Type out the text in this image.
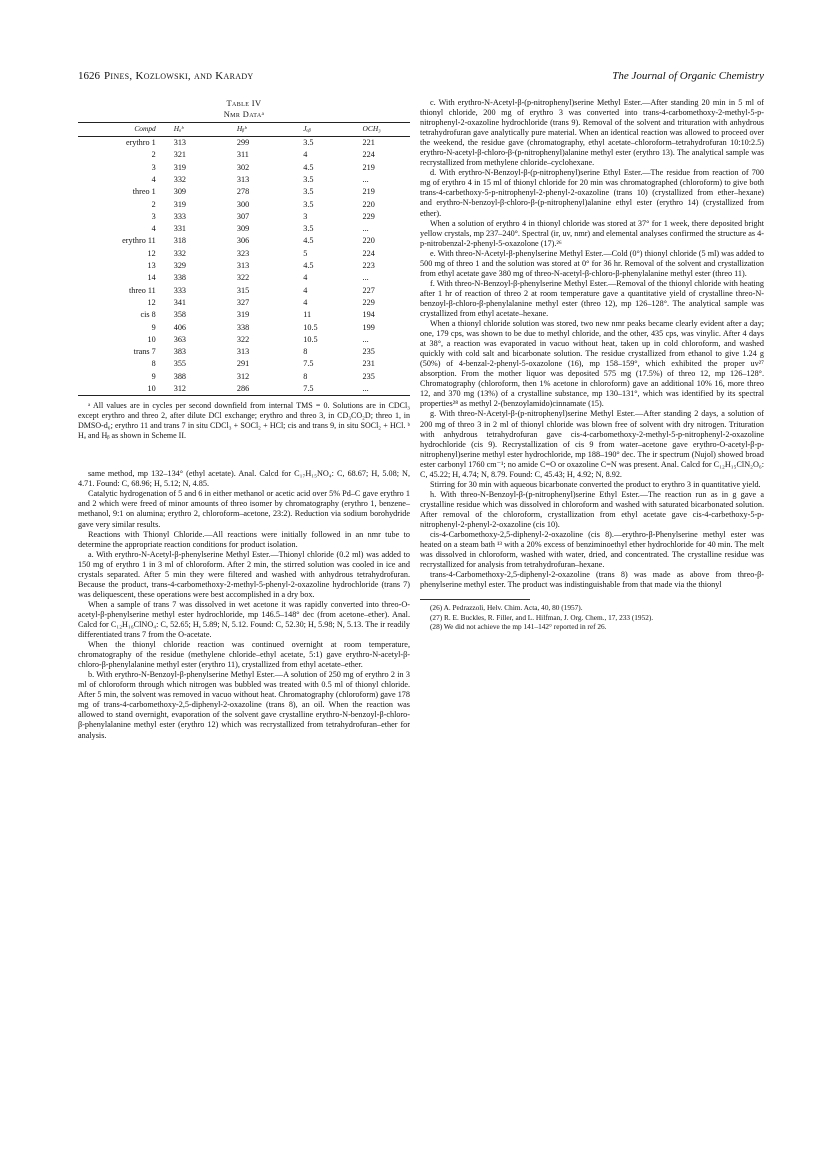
1626 Pines, Kozlowski, and Karady	The Journal of Organic Chemistry
Table IV
Nmr Dataᵃ
Compd	Hₐᵇ	Hᵦᵇ	Jₐᵦ	OCH₃
erythro 1	313	299	3.5	221
2	321	311	4	224
3	319	302	4.5	219
4	332	313	3.5	...
threo 1	309	278	3.5	219
2	319	300	3.5	220
3	333	307	3	229
4	331	309	3.5	...
erythro 11	318	306	4.5	220
12	332	323	5	224
13	329	313	4.5	223
14	338	322	4	...
threo 11	333	315	4	227
12	341	327	4	229
cis 8	358	319	11	194
9	406	338	10.5	199
10	363	322	10.5	...
trans 7	383	313	8	235
8	355	291	7.5	231
9	388	312	8	235
10	312	286	7.5	...
ᵃ All values are in cycles per second downfield from internal TMS = 0. Solutions are in CDCl₃ except erythro and threo 2, after dilute DCl exchange; erythro and threo 3, in CD₃CO₂D; threo 1, in DMSO-d₆; erythro 11 and trans 7 in situ CDCl₃ + SOCl₂ + HCl; cis and trans 9, in situ SOCl₂ + HCl. ᵇ Hₐ and Hᵦ as shown in Scheme II.

same method, mp 132–134° (ethyl acetate). Anal. Calcd for C₁₇H₁₅NO₄: C, 68.67; H, 5.08; N, 4.71. Found: C, 68.96; H, 5.12; N, 4.85.

Catalytic hydrogenation of 5 and 6 in either methanol or acetic acid over 5% Pd–C gave erythro 1 and 2 which were freed of minor amounts of threo isomer by chromatography (erythro 1, benzene–methanol, 9:1 on alumina; erythro 2, chloroform–acetone, 23:2). Reduction via sodium borohydride gave very similar results.

Reactions with Thionyl Chloride.—All reactions were initially followed in an nmr tube to determine the appropriate reaction conditions for product isolation.

a. With erythro-N-Acetyl-β-phenylserine Methyl Ester.—Thionyl chloride (0.2 ml) was added to 150 mg of erythro 1 in 3 ml of chloroform. After 2 min, the stirred solution was cooled in ice and crystals separated. After 5 min they were filtered and washed with anhydrous tetrahydrofuran. Because the product, trans-4-carbomethoxy-2-methyl-5-phenyl-2-oxazoline hydrochloride (trans 7) was deliquescent, these operations were best accomplished in a dry box.

When a sample of trans 7 was dissolved in wet acetone it was rapidly converted into threo-O-acetyl-β-phenylserine methyl ester hydrochloride, mp 146.5–148° dec (from acetone–ether). Anal. Calcd for C₁₂H₁₆ClNO₄: C, 52.65; H, 5.89; N, 5.12. Found: C, 52.30; H, 5.98; N, 5.13. The ir readily differentiated trans 7 from the O-acetate.

When the thionyl chloride reaction was continued overnight at room temperature, chromatography of the residue (methylene chloride–ethyl acetate, 5:1) gave erythro-N-acetyl-β-chloro-β-phenylalanine methyl ester (erythro 11), crystallized from ethyl acetate–ether.

b. With erythro-N-Benzoyl-β-phenylserine Methyl Ester.—A solution of 250 mg of erythro 2 in 3 ml of chloroform through which nitrogen was bubbled was treated with 0.5 ml of thionyl chloride. After 5 min, the solvent was removed in vacuo without heat. Chromatography (chloroform) gave 178 mg of trans-4-carbomethoxy-2,5-diphenyl-2-oxazoline (trans 8), an oil. When the reaction was allowed to stand overnight, evaporation of the solvent gave crystalline erythro-N-benzoyl-β-chloro-β-phenylalanine methyl ester (erythro 12) which was recrystallized from tetrahydrofuran–ether for analysis.

c. With erythro-N-Acetyl-β-(p-nitrophenyl)serine Methyl Ester.—After standing 20 min in 5 ml of thionyl chloride, 200 mg of erythro 3 was converted into trans-4-carbomethoxy-2-methyl-5-p-nitrophenyl-2-oxazoline hydrochloride (trans 9). Removal of the solvent and trituration with anhydrous tetrahydrofuran gave analytically pure material. When an identical reaction was allowed to proceed over the weekend, the residue gave (chromatography, ethyl acetate–chloroform–tetrahydrofuran 10:10:2.5) erythro-N-acetyl-β-chloro-β-(p-nitrophenyl)alanine methyl ester (erythro 13). The analytical sample was recrystallized from methylene chloride–cyclohexane.

d. With erythro-N-Benzoyl-β-(p-nitrophenyl)serine Ethyl Ester.—The residue from reaction of 700 mg of erythro 4 in 15 ml of thionyl chloride for 20 min was chromatographed (chloroform) to give both trans-4-carbethoxy-5-p-nitrophenyl-2-phenyl-2-oxazoline (trans 10) (crystallized from ether–hexane) and erythro-N-benzoyl-β-chloro-β-(p-nitrophenyl)alanine ethyl ester (erythro 14) (crystallized from ether).

When a solution of erythro 4 in thionyl chloride was stored at 37° for 1 week, there deposited bright yellow crystals, mp 237–240°. Spectral (ir, uv, nmr) and elemental analyses confirmed the structure as 4-p-nitrobenzal-2-phenyl-5-oxazolone (17).²⁶

e. With threo-N-Acetyl-β-phenylserine Methyl Ester.—Cold (0°) thionyl chloride (5 ml) was added to 500 mg of threo 1 and the solution was stored at 0° for 36 hr. Removal of the solvent and crystallization from ethyl acetate gave 380 mg of threo-N-acetyl-β-chloro-β-phenylalanine methyl ester (threo 11).

f. With threo-N-Benzoyl-β-phenylserine Methyl Ester.—Removal of the thionyl chloride with heating after 1 hr of reaction of threo 2 at room temperature gave a quantitative yield of crystalline threo-N-benzoyl-β-chloro-β-phenylalanine methyl ester (threo 12), mp 126–128°. The analytical sample was crystallized from ethyl acetate–hexane.

When a thionyl chloride solution was stored, two new nmr peaks became clearly evident after a day; one, 179 cps, was shown to be due to methyl chloride, and the other, 435 cps, was vinylic. After 4 days at 38°, a reaction was evaporated in vacuo without heat, taken up in cold chloroform, and washed quickly with cold salt and bicarbonate solution. The residue crystallized from ethanol to give 1.24 g (50%) of 4-benzal-2-phenyl-5-oxazolone (16), mp 158–159°, which exhibited the proper uv²⁷ absorption. From the mother liquor was deposited 575 mg (17.5%) of threo 12, mp 126–128°. Chromatography (chloroform, then 1% acetone in chloroform) gave an additional 10% 16, more threo 12, and 370 mg (13%) of a crystalline substance, mp 130–131°, which was identified by its spectral properties²⁸ as methyl 2-(benzoylamido)cinnamate (15).

g. With threo-N-Acetyl-β-(p-nitrophenyl)serine Methyl Ester.—After standing 2 days, a solution of 200 mg of threo 3 in 2 ml of thionyl chloride was blown free of solvent with dry nitrogen. Trituration with anhydrous tetrahydrofuran gave cis-4-carbomethoxy-2-methyl-5-p-nitrophenyl-2-oxazoline hydrochloride (cis 9). Recrystallization of cis 9 from water–acetone gave erythro-O-acetyl-β-p-nitrophenyl)serine methyl ester hydrochloride, mp 188–190° dec. The ir spectrum (Nujol) showed broad ester carbonyl 1760 cm⁻¹; no amide C=O or oxazoline C=N was present. Anal. Calcd for C₁₂H₁₅ClN₂O₆: C, 45.22; H, 4.74; N, 8.79. Found: C, 45.43; H, 4.92; N, 8.92.

Stirring for 30 min with aqueous bicarbonate converted the product to erythro 3 in quantitative yield.

h. With threo-N-Benzoyl-β-(p-nitrophenyl)serine Ethyl Ester.—The reaction run as in g gave a crystalline residue which was dissolved in chloroform and washed with saturated bicarbonated solution. After removal of the chloroform, crystallization from ethyl acetate gave cis-4-carbethoxy-5-p-nitrophenyl-2-phenyl-2-oxazoline (cis 10).

cis-4-Carbomethoxy-2,5-diphenyl-2-oxazoline (cis 8).—erythro-β-Phenylserine methyl ester was heated on a steam bath ¹³ with a 20% excess of benziminoethyl ether hydrochloride for 40 min. The melt was dissolved in chloroform, washed with water, dried, and concentrated. The crystalline residue was recrystallized for analysis from tetrahydrofuran–hexane.

trans-4-Carbomethoxy-2,5-diphenyl-2-oxazoline (trans 8) was made as above from threo-β-phenylserine methyl ester. The product was indistinguishable from that made via the thionyl

(26) A. Pedrazzoli, Helv. Chim. Acta, 40, 80 (1957).

(27) R. E. Buckles, R. Filler, and L. Hilfman, J. Org. Chem., 17, 233 (1952).

(28) We did not achieve the mp 141–142° reported in ref 26.
